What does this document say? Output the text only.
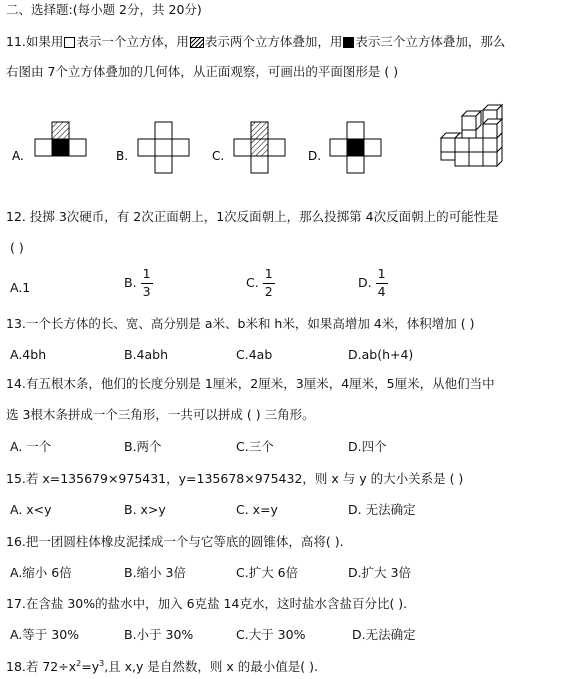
二、选择题:(每小题 2分，共 20分)
11.如果用 表示一个立方体，用 表示两个立方体叠加，用 表示三个立方体叠加，那么
右图由 7个立方体叠加的几何体，从正面观察，可画出的平面图形是 ( )
A.	B.	C.	D.
12. 投掷 3次硬币，有 2次正面朝上，1次反面朝上，那么投掷第 4次反面朝上的可能性是
( )
A.1	B. $\frac{1}{3}$	C. $\frac{1}{2}$	D. $\frac{1}{4}$
13.一个长方体的长、宽、高分别是 a米、b米和 h米，如果高增加 4米，体积增加 ( )
A.4bh	B.4abh	C.4ab	D.ab(h+4)
14.有五根木条，他们的长度分别是 1厘米，2厘米，3厘米，4厘米，5厘米，从他们当中
选 3根木条拼成一个三角形，一共可以拼成 ( ) 三角形。
A. 一个	B.两个	C.三个	D.四个
15.若 x=135679×975431，y=135678×975432，则 x 与 y 的大小关系是 ( )
A. x<y	B. x>y	C. x=y	D. 无法确定
16.把一团圆柱体橡皮泥揉成一个与它等底的圆锥体，高将( ).
A.缩小 6倍	B.缩小 3倍	C.扩大 6倍	D.扩大 3倍
17.在含盐 30%的盐水中，加入 6克盐 14克水，这时盐水含盐百分比( ).
A.等于 30%	B.小于 30%	C.大于 30%	D.无法确定
18.若 $72\div x^2=y^3$,且 x,y 是自然数，则 x 的最小值是( ).
